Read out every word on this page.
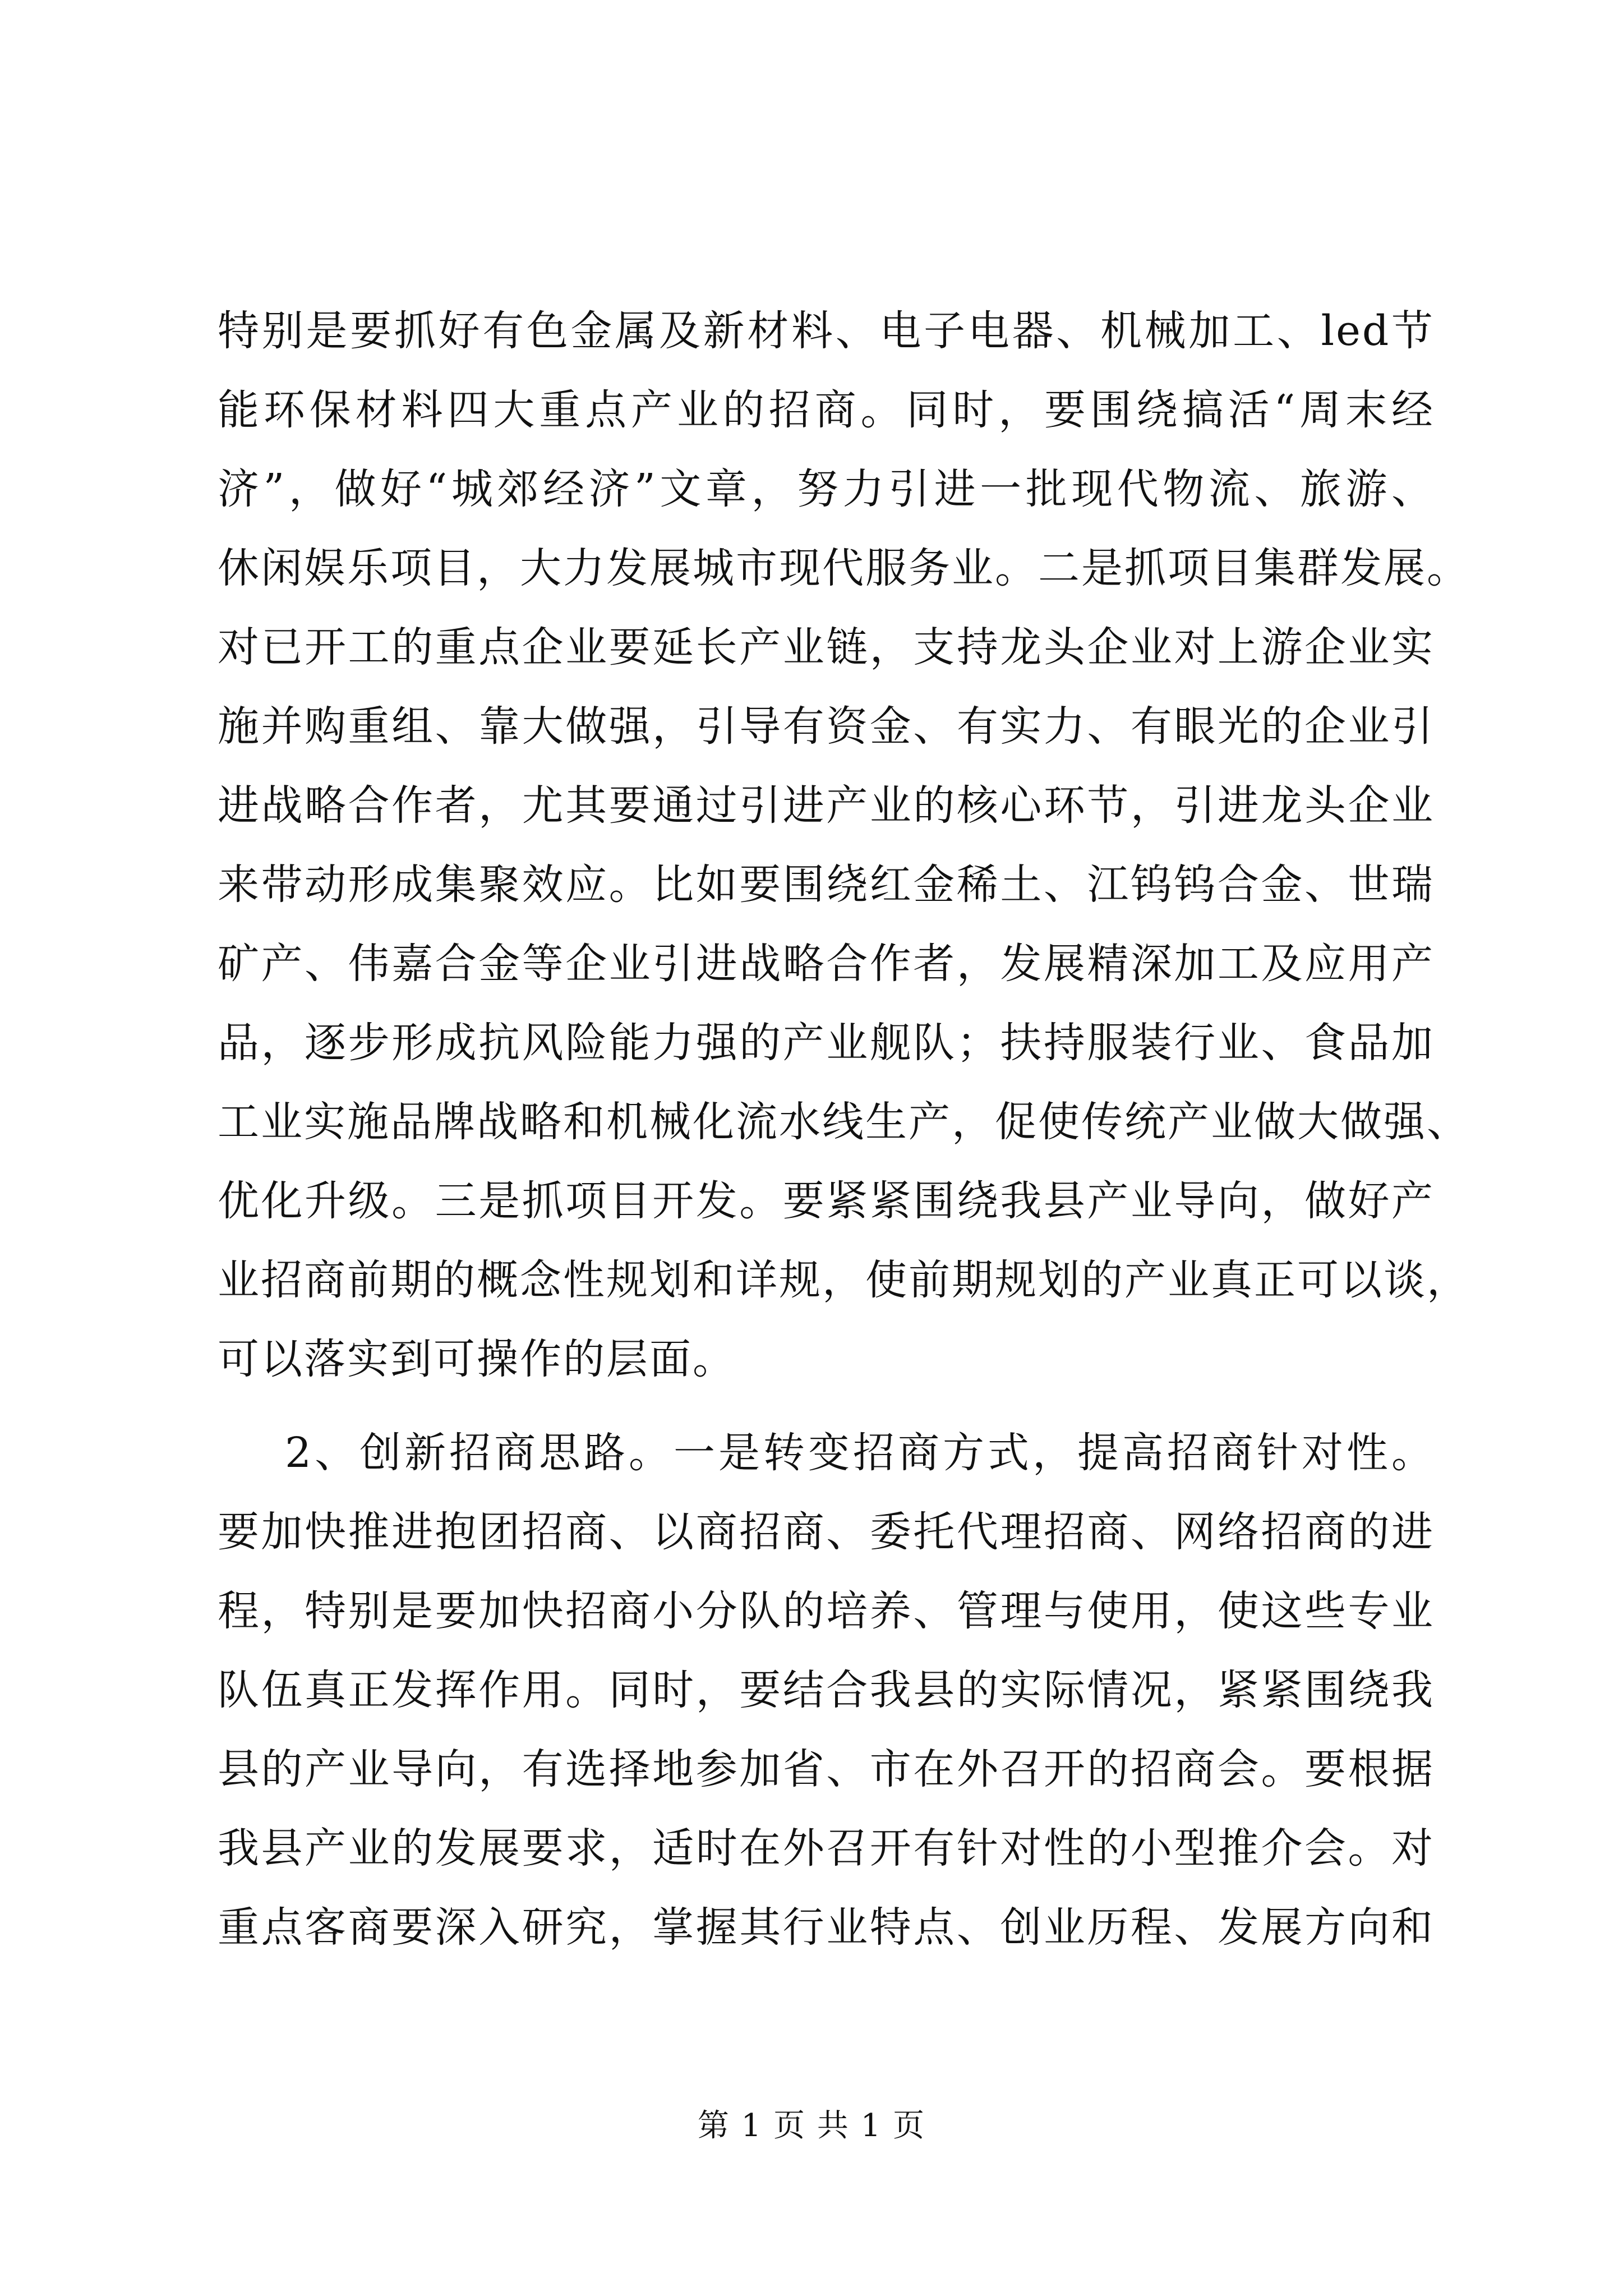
特别是要抓好有色金属及新材料、电子电器、机械加工、led节
能环保材料四大重点产业的招商。同时，要围绕搞活“周末经
济”，做好“城郊经济”文章，努力引进一批现代物流、旅游、
休闲娱乐项目，大力发展城市现代服务业。二是抓项目集群发展。
对已开工的重点企业要延长产业链，支持龙头企业对上游企业实
施并购重组、靠大做强，引导有资金、有实力、有眼光的企业引
进战略合作者，尤其要通过引进产业的核心环节，引进龙头企业
来带动形成集聚效应。比如要围绕红金稀土、江钨钨合金、世瑞
矿产、伟嘉合金等企业引进战略合作者，发展精深加工及应用产
品，逐步形成抗风险能力强的产业舰队；扶持服装行业、食品加
工业实施品牌战略和机械化流水线生产，促使传统产业做大做强、
优化升级。三是抓项目开发。要紧紧围绕我县产业导向，做好产
业招商前期的概念性规划和详规，使前期规划的产业真正可以谈，
可以落实到可操作的层面。
2、创新招商思路。一是转变招商方式，提高招商针对性。
要加快推进抱团招商、以商招商、委托代理招商、网络招商的进
程，特别是要加快招商小分队的培养、管理与使用，使这些专业
队伍真正发挥作用。同时，要结合我县的实际情况，紧紧围绕我
县的产业导向，有选择地参加省、市在外召开的招商会。要根据
我县产业的发展要求，适时在外召开有针对性的小型推介会。对
重点客商要深入研究，掌握其行业特点、创业历程、发展方向和
第 1 页 共 1 页
